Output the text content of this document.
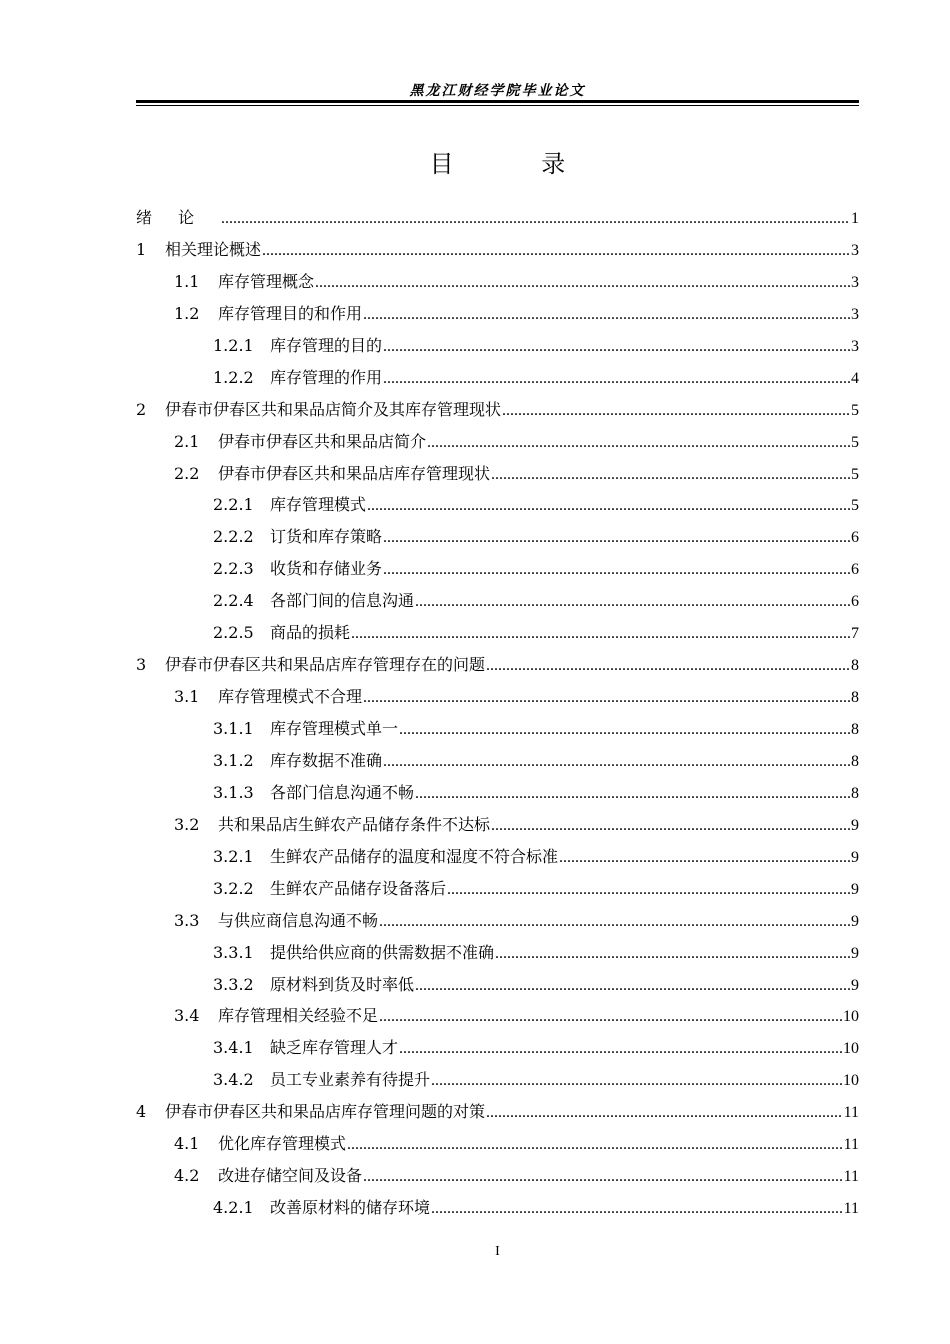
黑龙江财经学院毕业论文
目 录
绪论 .....	1
1	相关理论概述 .....	3
1.1	库存管理概念 .....	3
1.2	库存管理目的和作用 .....	3
1.2.1	库存管理的目的 .....	3
1.2.2	库存管理的作用 .....	4
2	伊春市伊春区共和果品店简介及其库存管理现状 .....	5
2.1	伊春市伊春区共和果品店简介 .....	5
2.2	伊春市伊春区共和果品店库存管理现状 .....	5
2.2.1	库存管理模式 .....	5
2.2.2	订货和库存策略 .....	6
2.2.3	收货和存储业务 .....	6
2.2.4	各部门间的信息沟通 .....	6
2.2.5	商品的损耗 .....	7
3	伊春市伊春区共和果品店库存管理存在的问题 .....	8
3.1	库存管理模式不合理 .....	8
3.1.1	库存管理模式单一 .....	8
3.1.2	库存数据不准确 .....	8
3.1.3	各部门信息沟通不畅 .....	8
3.2	共和果品店生鲜农产品储存条件不达标 .....	9
3.2.1	生鲜农产品储存的温度和湿度不符合标准 .....	9
3.2.2	生鲜农产品储存设备落后 .....	9
3.3	与供应商信息沟通不畅 .....	9
3.3.1	提供给供应商的供需数据不准确 .....	9
3.3.2	原材料到货及时率低 .....	9
3.4	库存管理相关经验不足 .....	10
3.4.1	缺乏库存管理人才 .....	10
3.4.2	员工专业素养有待提升 .....	10
4	伊春市伊春区共和果品店库存管理问题的对策 .....	11
4.1	优化库存管理模式 .....	11
4.2	改进存储空间及设备 .....	11
4.2.1	改善原材料的储存环境 .....	11
I
